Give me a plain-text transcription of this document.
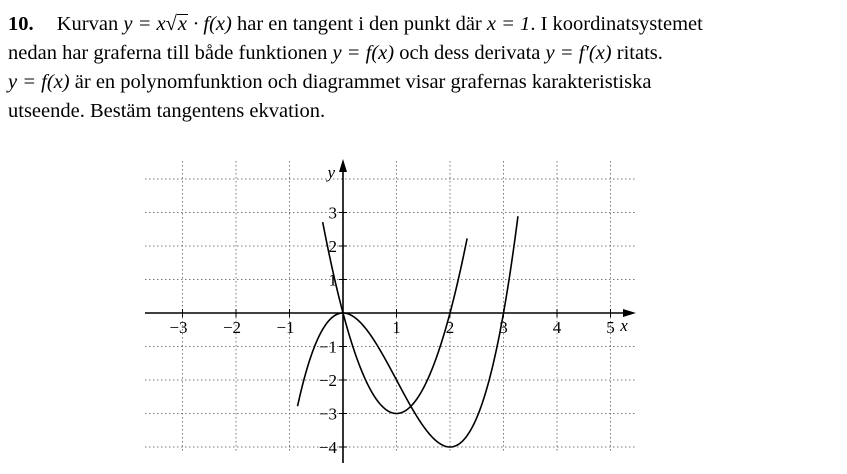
10. Kurvan y = x√x · f(x) har en tangent i den punkt där x = 1. I koordinatsystemet
nedan har graferna till både funktionen y = f(x) och dess derivata y = f′(x) ritats.
y = f(x) är en polynomfunktion och diagrammet visar grafernas karakteristiska
utseende. Bestäm tangentens ekvation.
−3 −2 −1	1	2	3	4	5
−4
−3
−2
−1
1
2
3
x
y
